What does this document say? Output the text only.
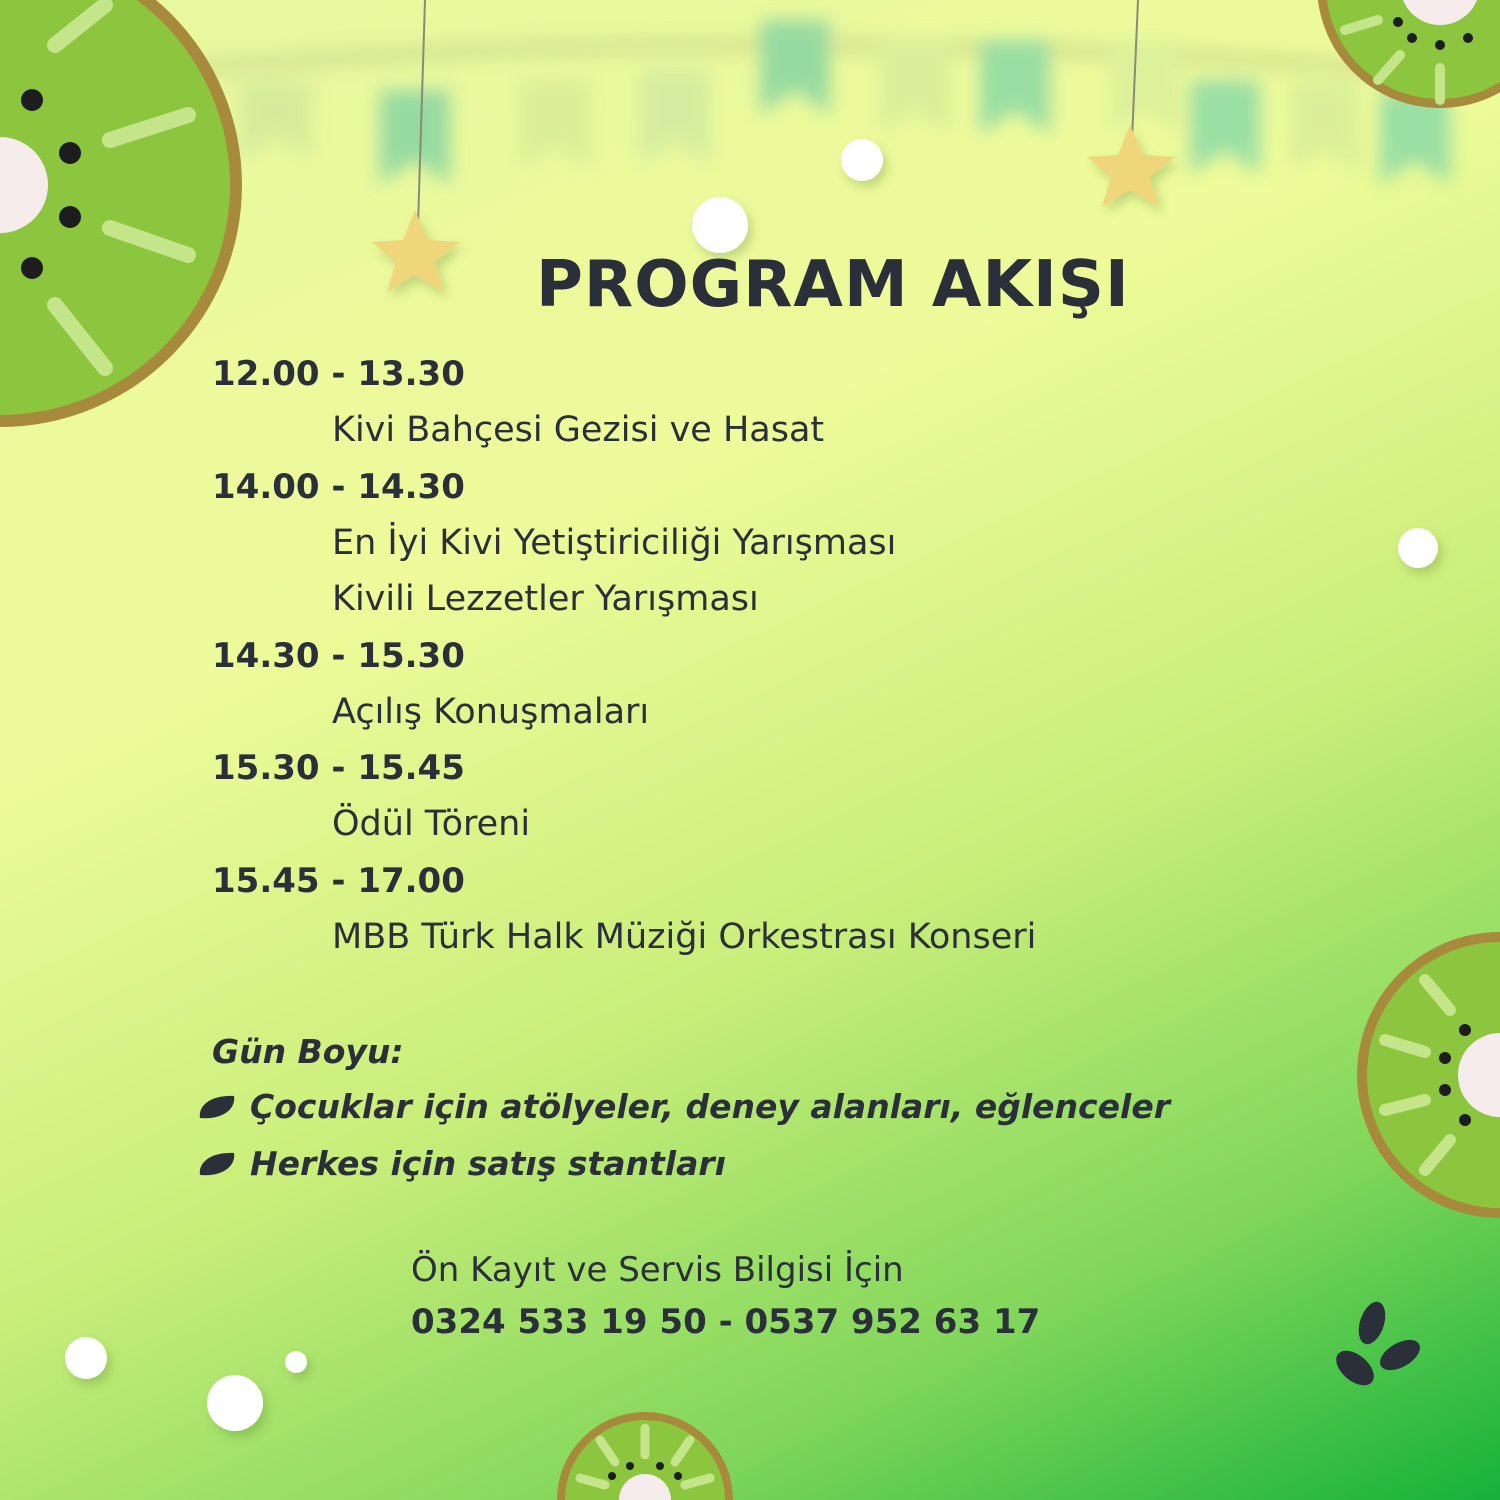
PROGRAM AKIŞI
12.00 - 13.30
Kivi Bahçesi Gezisi ve Hasat
14.00 - 14.30
En İyi Kivi Yetiştiriciliği Yarışması
Kivili Lezzetler Yarışması
14.30 - 15.30
Açılış Konuşmaları
15.30 - 15.45
Ödül Töreni
15.45 - 17.00
MBB Türk Halk Müziği Orkestrası Konseri
Gün Boyu:
Çocuklar için atölyeler, deney alanları, eğlenceler
Herkes için satış stantları
Ön Kayıt ve Servis Bilgisi İçin
0324 533 19 50 - 0537 952 63 17
